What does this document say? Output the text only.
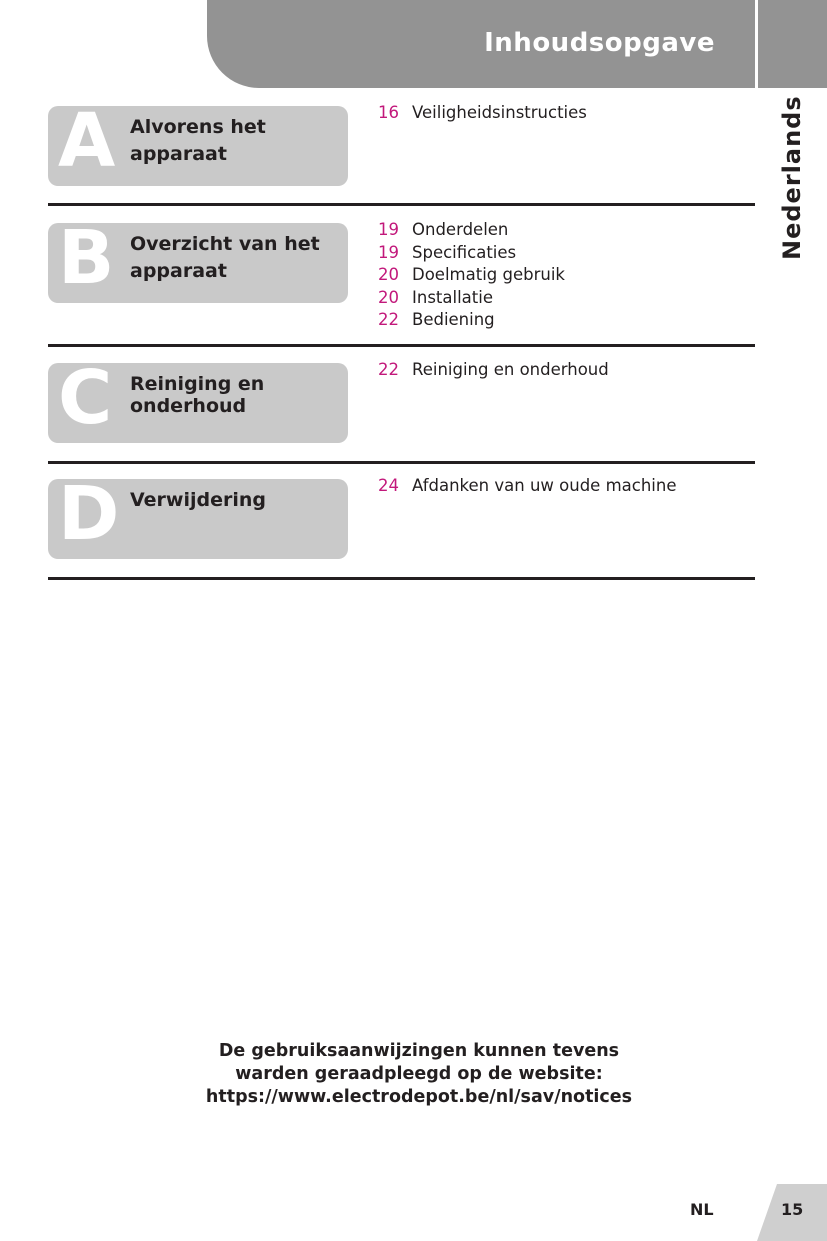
Inhoudsopgave
Nederlands
A Alvorens het apparaat
16 Veiligheidsinstructies
B Overzicht van het apparaat
19 Onderdelen
19 Specificaties
20 Doelmatig gebruik
20 Installatie
22 Bediening
C Reiniging en onderhoud
22 Reiniging en onderhoud
D Verwijdering
24 Afdanken van uw oude machine
De gebruiksaanwijzingen kunnen tevens
warden geraadpleegd op de website:
https://www.electrodepot.be/nl/sav/notices
NL	15
